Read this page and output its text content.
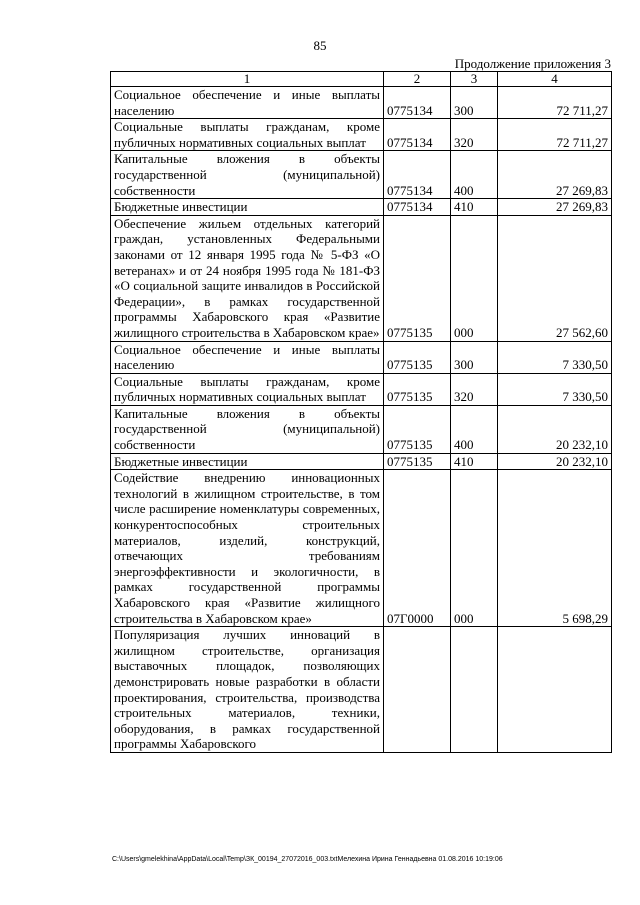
85
Продолжение приложения 3
1	2	3	4
Социальное обеспечение и иные выплаты населению	0775134	300	72 711,27
Социальные выплаты гражданам, кроме публичных нормативных социальных выплат	0775134	320	72 711,27
Капитальные вложения в объекты государственной (муниципальной) собственности	0775134	400	27 269,83
Бюджетные инвестиции	0775134	410	27 269,83
Обеспечение жильем отдельных категорий граждан, установленных Федеральными законами от 12 января 1995 года № 5-ФЗ «О ветеранах» и от 24 ноября 1995 года № 181-ФЗ «О социальной защите инвалидов в Российской Федерации», в рамках государственной программы Хабаровского края «Развитие жилищного строительства в Хабаровском крае»	0775135	000	27 562,60
Социальное обеспечение и иные выплаты населению	0775135	300	7 330,50
Социальные выплаты гражданам, кроме публичных нормативных социальных выплат	0775135	320	7 330,50
Капитальные вложения в объекты государственной (муниципальной) собственности	0775135	400	20 232,10
Бюджетные инвестиции	0775135	410	20 232,10
Содействие внедрению инновационных технологий в жилищном строительстве, в том числе расширение номенклатуры современных, конкурентоспособных строительных материалов, изделий, конструкций, отвечающих требованиям энергоэффективности и экологичности, в рамках государственной программы Хабаровского края «Развитие жилищного строительства в Хабаровском крае»	07Г0000	000	5 698,29
Популяризация лучших инноваций в жилищном строительстве, организация выставочных площадок, позволяющих демонстрировать новые разработки в области проектирования, строительства, производства строительных материалов, техники, оборудования, в рамках государственной программы Хабаровского			
C:\Users\gmelekhina\AppData\Local\Temp\ЗК_00194_27072016_003.txtМелехина Ирина Геннадьевна 01.08.2016 10:19:06
